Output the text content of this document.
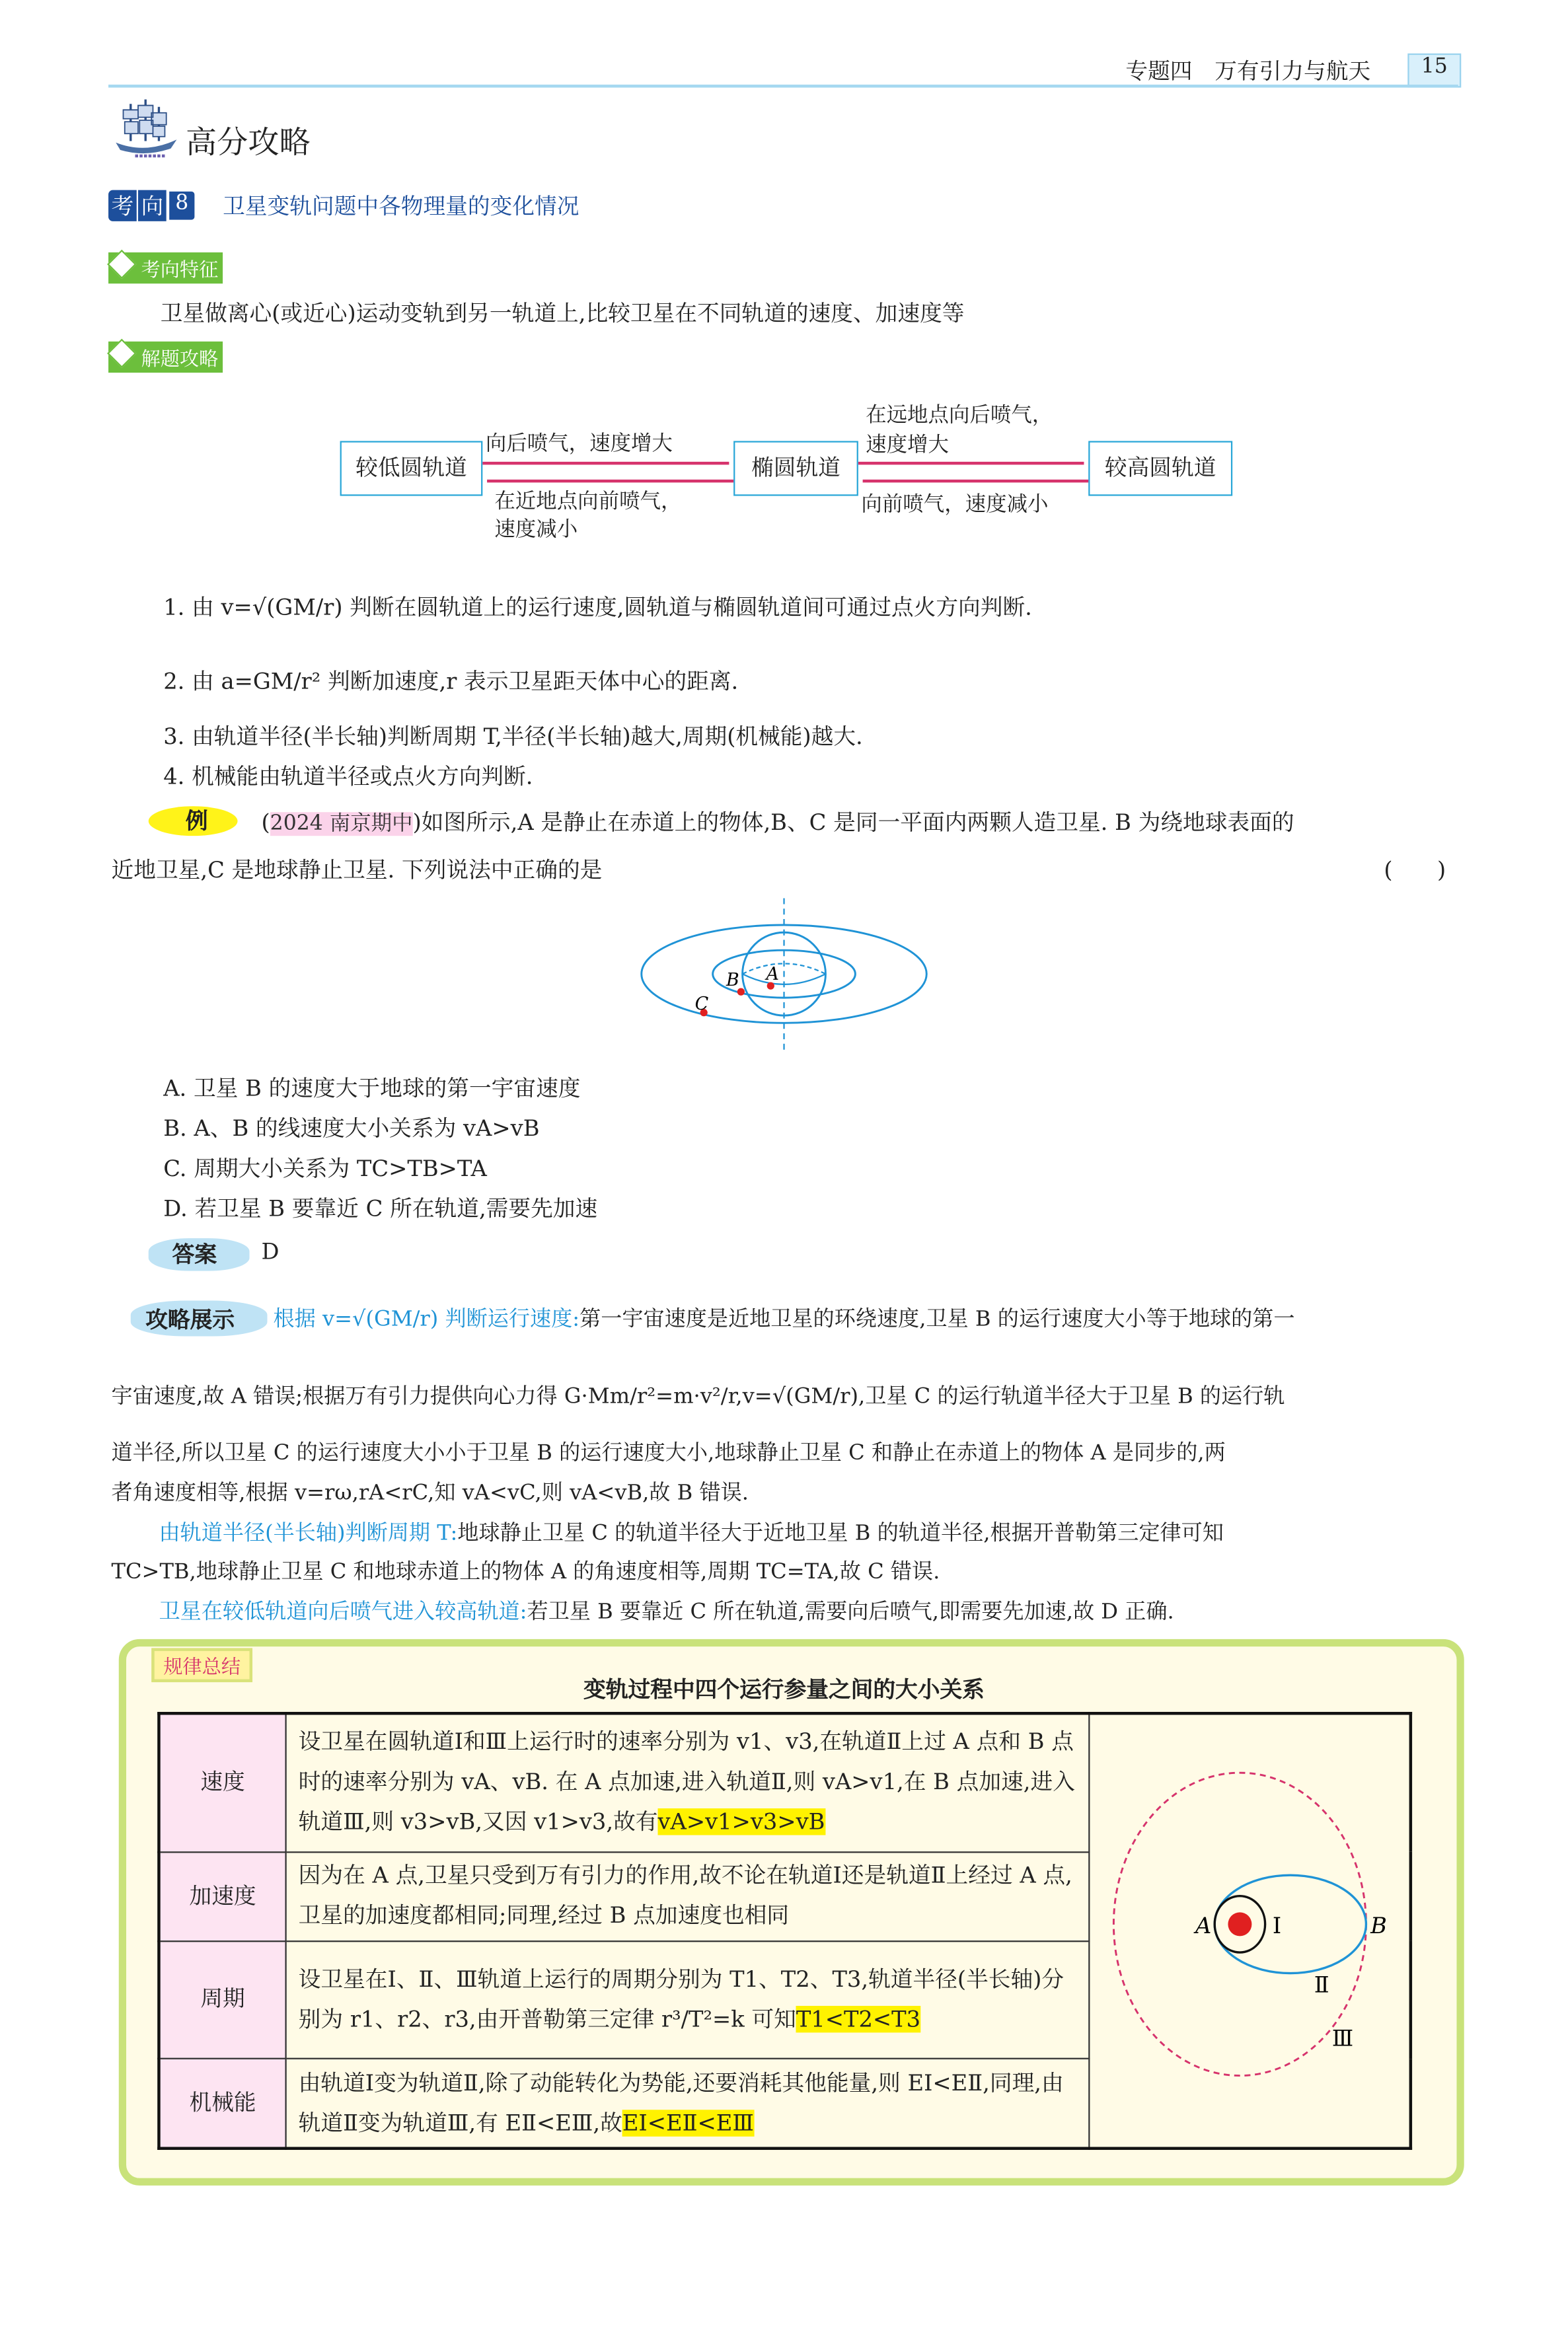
专题四　万有引力与航天	15
高分攻略
考 向	8	卫星变轨问题中各物理量的变化情况
考向特征
卫星做离心(或近心)运动变轨到另一轨道上,比较卫星在不同轨道的速度、加速度等
解题攻略
较低圆轨道	椭圆轨道	较高圆轨道
向后喷气，速度增大
在近地点向前喷气，
速度减小
在远地点向后喷气，
速度增大
向前喷气，速度减小
1. 由 v=√(GM/r) 判断在圆轨道上的运行速度,圆轨道与椭圆轨道间可通过点火方向判断.
2. 由 a=GM/r² 判断加速度,r 表示卫星距天体中心的距离.
3. 由轨道半径(半长轴)判断周期 T,半径(半长轴)越大,周期(机械能)越大.
4. 机械能由轨道半径或点火方向判断.
例	(2024 南京期中)如图所示,A 是静止在赤道上的物体,B、C 是同一平面内两颗人造卫星. B 为绕地球表面的
近地卫星,C 是地球静止卫星. 下列说法中正确的是	(　　)
A
B
C
A. 卫星 B 的速度大于地球的第一宇宙速度
B. A、B 的线速度大小关系为 vA>vB
C. 周期大小关系为 TC>TB>TA
D. 若卫星 B 要靠近 C 所在轨道,需要先加速
答案	D
攻略展示	根据 v=√(GM/r) 判断运行速度:第一宇宙速度是近地卫星的环绕速度,卫星 B 的运行速度大小等于地球的第一
宇宙速度,故 A 错误;根据万有引力提供向心力得 G·Mm/r²=m·v²/r,v=√(GM/r),卫星 C 的运行轨道半径大于卫星 B 的运行轨
道半径,所以卫星 C 的运行速度大小小于卫星 B 的运行速度大小,地球静止卫星 C 和静止在赤道上的物体 A 是同步的,两
者角速度相等,根据 v=rω,rA<rC,知 vA<vC,则 vA<vB,故 B 错误.
由轨道半径(半长轴)判断周期 T:地球静止卫星 C 的轨道半径大于近地卫星 B 的轨道半径,根据开普勒第三定律可知
TC>TB,地球静止卫星 C 和地球赤道上的物体 A 的角速度相等,周期 TC=TA,故 C 错误.
卫星在较低轨道向后喷气进入较高轨道:若卫星 B 要靠近 C 所在轨道,需要向后喷气,即需要先加速,故 D 正确.
规律总结
变轨过程中四个运行参量之间的大小关系
速度	设卫星在圆轨道Ⅰ和Ⅲ上运行时的速率分别为 v1、v3,在轨道Ⅱ上过 A 点和 B 点时的速率分别为 vA、vB. 在 A 点加速,进入轨道Ⅱ,则 vA>v1,在 B 点加速,进入轨道Ⅲ,则 v3>vB,又因 v1>v3,故有vA>v1>v3>vB	A B
Ⅰ
Ⅱ
Ⅲ

加速度	因为在 A 点,卫星只受到万有引力的作用,故不论在轨道Ⅰ还是轨道Ⅱ上经过 A 点,卫星的加速度都相同;同理,经过 B 点加速度也相同	
周期	设卫星在Ⅰ、Ⅱ、Ⅲ轨道上运行的周期分别为 T1、T2、T3,轨道半径(半长轴)分别为 r1、r2、r3,由开普勒第三定律 r³/T²=k 可知T1<T2<T3	
机械能	由轨道Ⅰ变为轨道Ⅱ,除了动能转化为势能,还要消耗其他能量,则 EⅠ<EⅡ,同理,由轨道Ⅱ变为轨道Ⅲ,有 EⅡ<EⅢ,故EⅠ<EⅡ<EⅢ	
